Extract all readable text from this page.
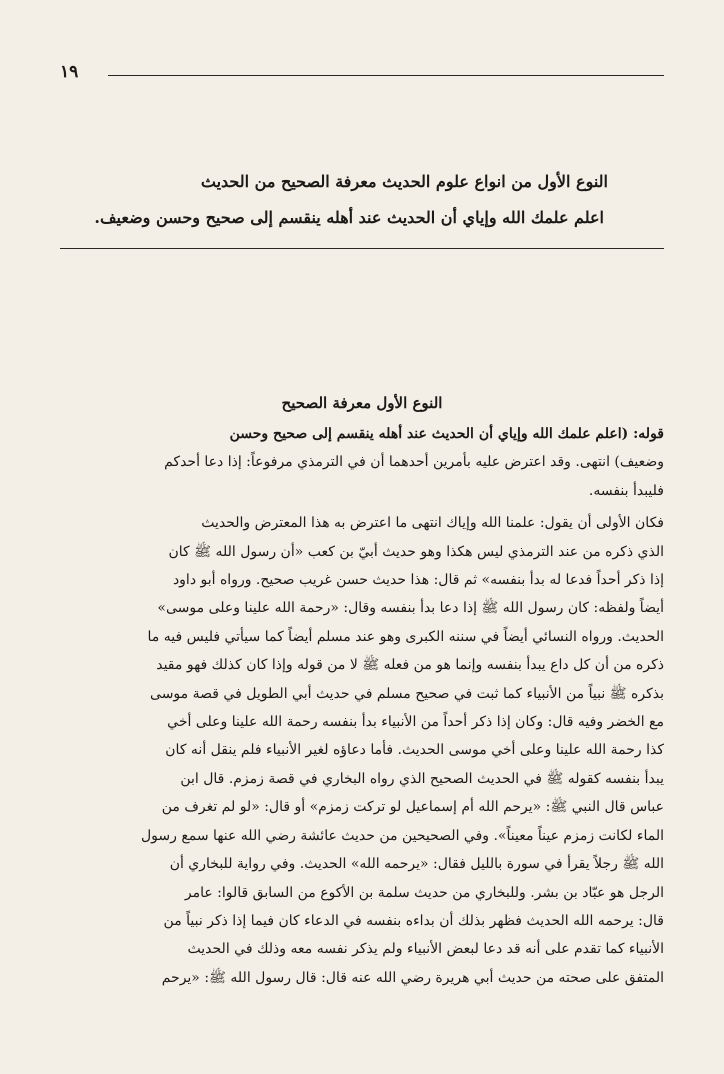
١٩

النوع الأول من انواع علوم الحديث معرفة الصحيح من الحديث

اعلم علمك الله وإياي أن الحديث عند أهله ينقسم إلى صحيح وحسن وضعيف.

النوع الأول معرفة الصحيح

قوله: (اعلم علمك الله وإياي أن الحديث عند أهله ينقسم إلى صحيح وحسن
وضعيف) انتهى. وقد اعترض عليه بأمرين أحدهما أن في الترمذي مرفوعاً: إذا دعا أحدكم
فليبدأ بنفسه.

فكان الأولى أن يقول: علمنا الله وإياك انتهى ما اعترض به هذا المعترض والحديث
الذي ذكره من عند الترمذي ليس هكذا وهو حديث أبيّ بن كعب «أن رسول الله ﷺ كان
إذا ذكر أحداً فدعا له بدأ بنفسه» ثم قال: هذا حديث حسن غريب صحيح. ورواه أبو داود
أيضاً ولفظه: كان رسول الله ﷺ إذا دعا بدأ بنفسه وقال: «رحمة الله علينا وعلى موسى»
الحديث. ورواه النسائي أيضاً في سننه الكبرى وهو عند مسلم أيضاً كما سيأتي فليس فيه ما
ذكره من أن كل داع يبدأ بنفسه وإنما هو من فعله ﷺ لا من قوله وإذا كان كذلك فهو مقيد
بذكره ﷺ نبياً من الأنبياء كما ثبت في صحيح مسلم في حديث أبي الطويل في قصة موسى
مع الخضر وفيه قال: وكان إذا ذكر أحداً من الأنبياء بدأ بنفسه رحمة الله علينا وعلى أخي
كذا رحمة الله علينا وعلى أخي موسى الحديث. فأما دعاؤه لغير الأنبياء فلم ينقل أنه كان
يبدأ بنفسه كقوله ﷺ في الحديث الصحيح الذي رواه البخاري في قصة زمزم. قال ابن
عباس قال النبي ﷺ: «يرحم الله أم إسماعيل لو تركت زمزم» أو قال: «لو لم تغرف من
الماء لكانت زمزم عيناً معيناً». وفي الصحيحين من حديث عائشة رضي الله عنها سمع رسول
الله ﷺ رجلاً يقرأ في سورة بالليل فقال: «يرحمه الله» الحديث. وفي رواية للبخاري أن
الرجل هو عبّاد بن بشر. وللبخاري من حديث سلمة بن الأكوع من السابق قالوا: عامر
قال: يرحمه الله الحديث فظهر بذلك أن بداءه بنفسه في الدعاء كان فيما إذا ذكر نبياً من
الأنبياء كما تقدم على أنه قد دعا لبعض الأنبياء ولم يذكر نفسه معه وذلك في الحديث
المتفق على صحته من حديث أبي هريرة رضي الله عنه قال: قال رسول الله ﷺ: «يرحم
